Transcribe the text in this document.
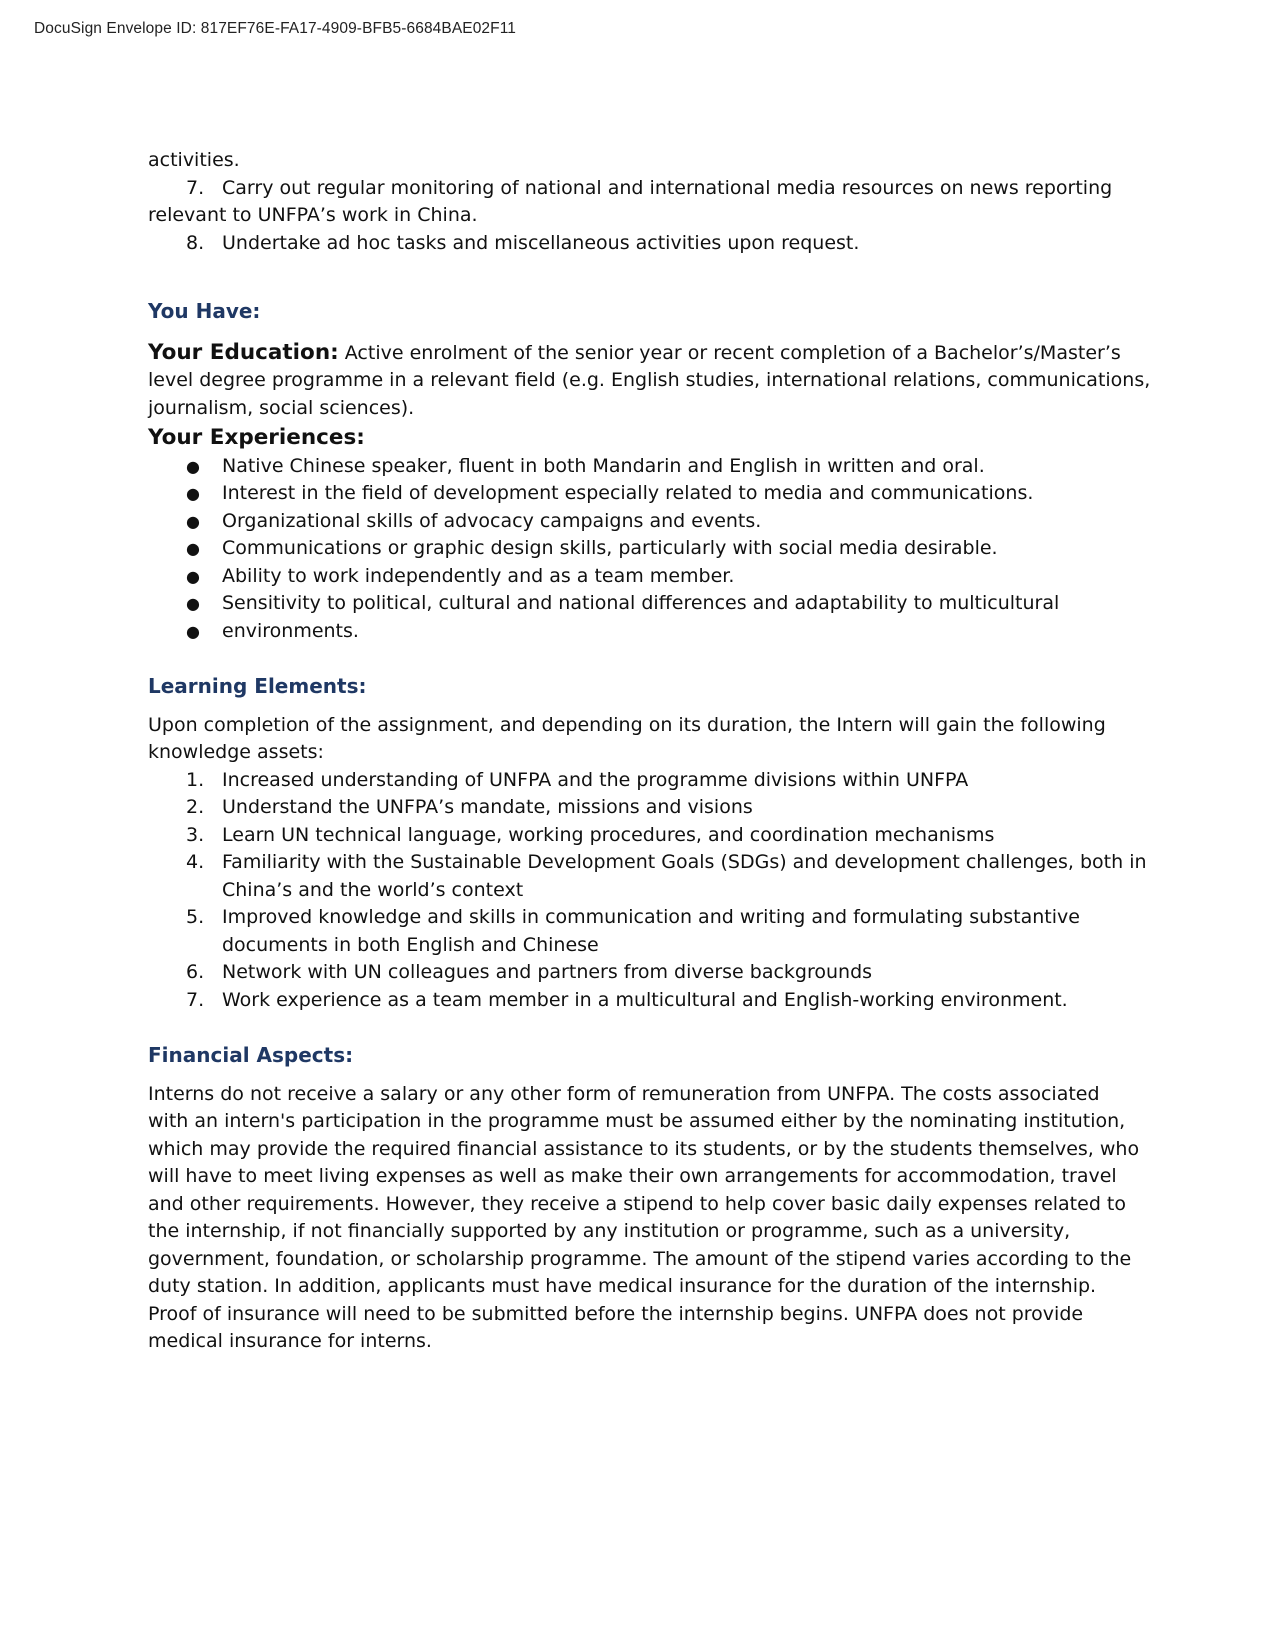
DocuSign Envelope ID: 817EF76E-FA17-4909-BFB5-6684BAE02F11
activities.
7. Carry out regular monitoring of national and international media resources on news reporting
relevant to UNFPA’s work in China.
8. Undertake ad hoc tasks and miscellaneous activities upon request.
You Have:
Your Education: Active enrolment of the senior year or recent completion of a Bachelor’s/Master’s
level degree programme in a relevant field (e.g. English studies, international relations, communications,
journalism, social sciences).
Your Experiences:
●	Native Chinese speaker, fluent in both Mandarin and English in written and oral.
●	Interest in the field of development especially related to media and communications.
●	Organizational skills of advocacy campaigns and events.
●	Communications or graphic design skills, particularly with social media desirable.
●	Ability to work independently and as a team member.
●	Sensitivity to political, cultural and national differences and adaptability to multicultural
●	environments.
Learning Elements:
Upon completion of the assignment, and depending on its duration, the Intern will gain the following
knowledge assets:
1. Increased understanding of UNFPA and the programme divisions within UNFPA
2. Understand the UNFPA’s mandate, missions and visions
3. Learn UN technical language, working procedures, and coordination mechanisms
4. Familiarity with the Sustainable Development Goals (SDGs) and development challenges, both in
China’s and the world’s context
5. Improved knowledge and skills in communication and writing and formulating substantive
documents in both English and Chinese
6. Network with UN colleagues and partners from diverse backgrounds
7. Work experience as a team member in a multicultural and English-working environment.
Financial Aspects:
Interns do not receive a salary or any other form of remuneration from UNFPA. The costs associated
with an intern's participation in the programme must be assumed either by the nominating institution,
which may provide the required financial assistance to its students, or by the students themselves, who
will have to meet living expenses as well as make their own arrangements for accommodation, travel
and other requirements. However, they receive a stipend to help cover basic daily expenses related to
the internship, if not financially supported by any institution or programme, such as a university,
government, foundation, or scholarship programme. The amount of the stipend varies according to the
duty station. In addition, applicants must have medical insurance for the duration of the internship.
Proof of insurance will need to be submitted before the internship begins. UNFPA does not provide
medical insurance for interns.
